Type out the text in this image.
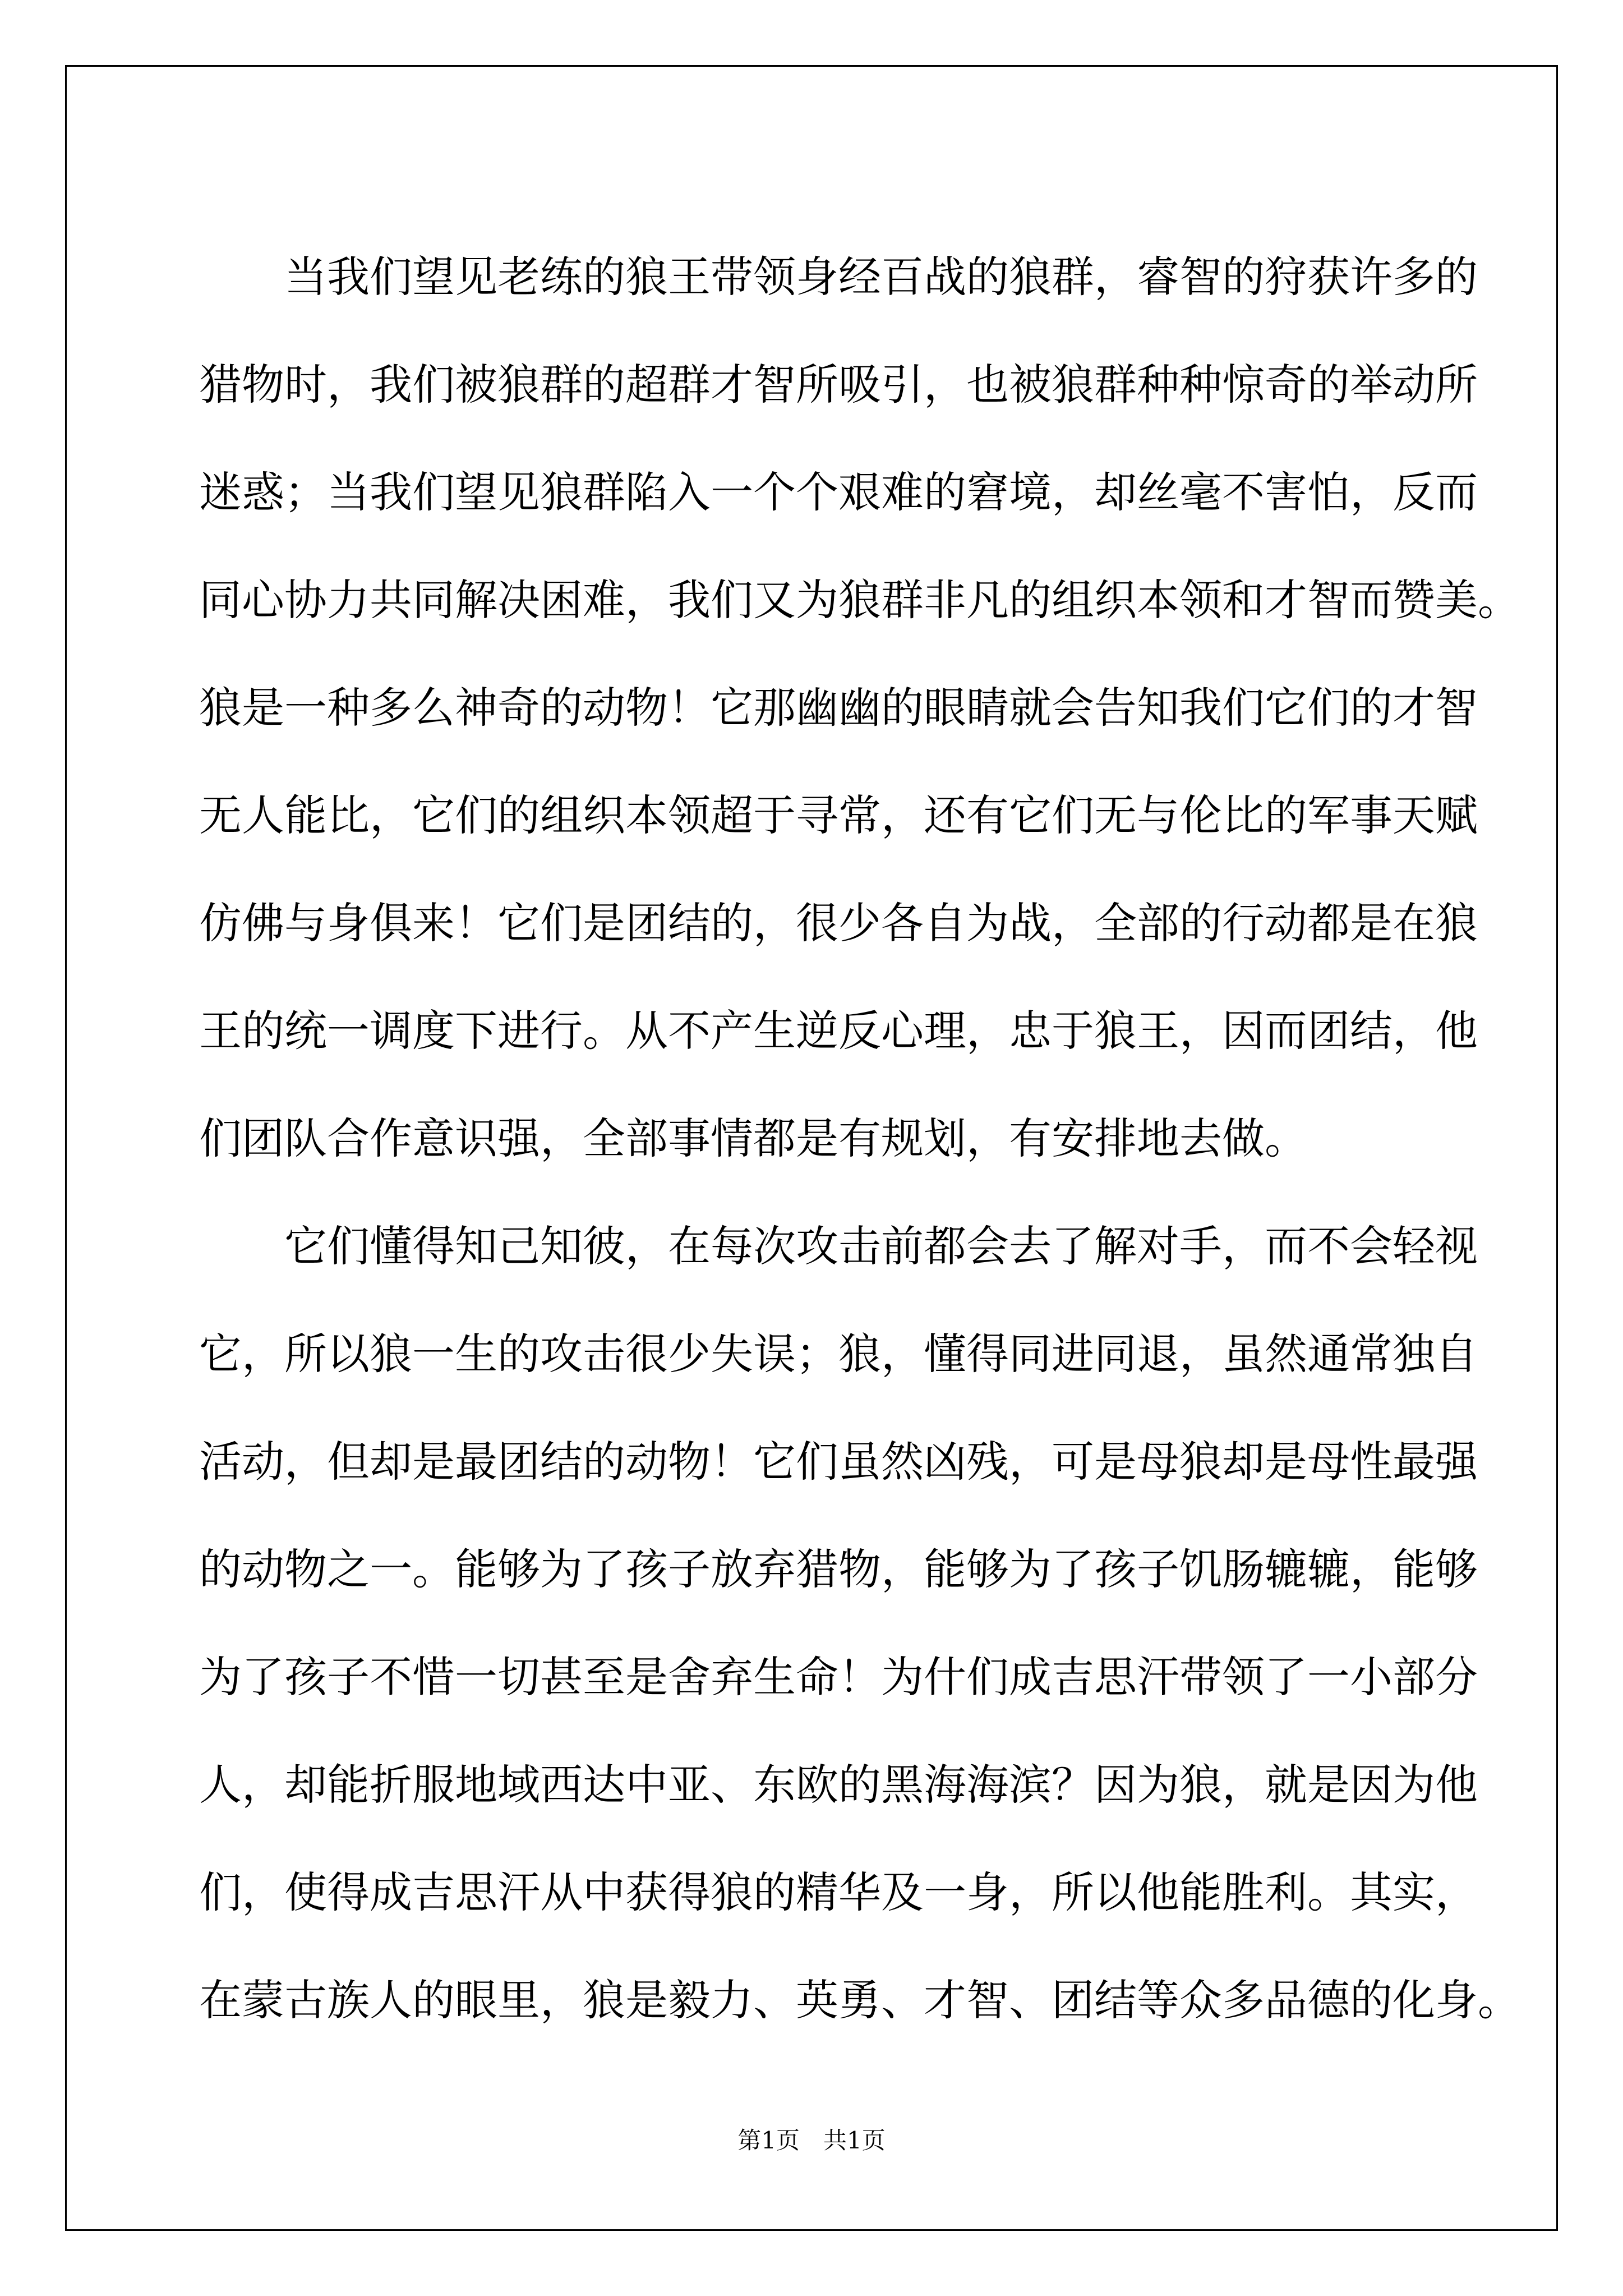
　　当我们望见老练的狼王带领身经百战的狼群，睿智的狩获许多的
猎物时，我们被狼群的超群才智所吸引，也被狼群种种惊奇的举动所
迷惑；当我们望见狼群陷入一个个艰难的窘境，却丝毫不害怕，反而
同心协力共同解决困难，我们又为狼群非凡的组织本领和才智而赞美。
狼是一种多么神奇的动物！它那幽幽的眼睛就会告知我们它们的才智
无人能比，它们的组织本领超于寻常，还有它们无与伦比的军事天赋
仿佛与身俱来！它们是团结的，很少各自为战，全部的行动都是在狼
王的统一调度下进行。从不产生逆反心理，忠于狼王，因而团结，他
们团队合作意识强，全部事情都是有规划，有安排地去做。
　　它们懂得知己知彼，在每次攻击前都会去了解对手，而不会轻视
它，所以狼一生的攻击很少失误；狼，懂得同进同退，虽然通常独自
活动，但却是最团结的动物！它们虽然凶残，可是母狼却是母性最强
的动物之一。能够为了孩子放弃猎物，能够为了孩子饥肠辘辘，能够
为了孩子不惜一切甚至是舍弃生命！为什们成吉思汗带领了一小部分
人，却能折服地域西达中亚、东欧的黑海海滨？因为狼，就是因为他
们，使得成吉思汗从中获得狼的精华及一身，所以他能胜利。其实，
在蒙古族人的眼里，狼是毅力、英勇、才智、团结等众多品德的化身。
第1页　共1页
